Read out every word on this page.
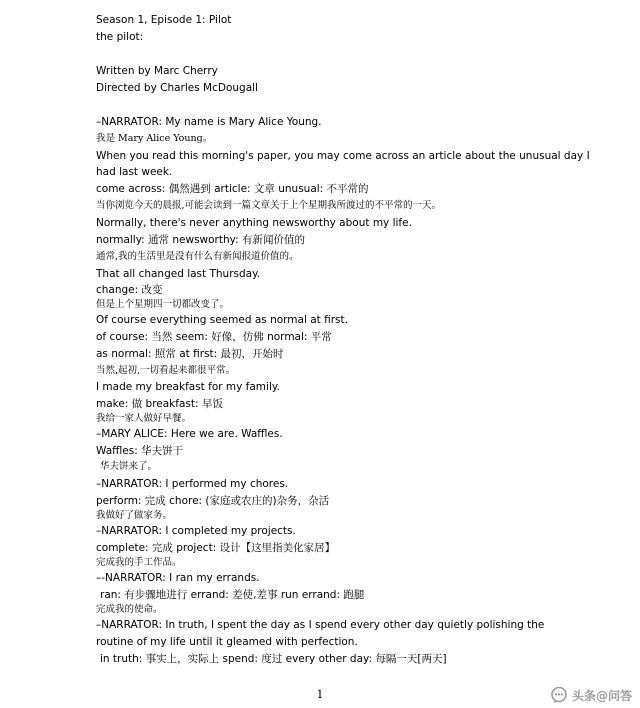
Season 1, Episode 1: Pilot
the pilot:
Written by Marc Cherry
Directed by Charles McDougall
–NARRATOR: My name is Mary Alice Young.
我是 Mary Alice Young。
When you read this morning's paper, you may come across an article about the unusual day I
had last week.
come across: 偶然遇到 article: 文章 unusual: 不平常的
当你浏览今天的晨报,可能会读到一篇文章关于上个星期我所渡过的不平常的一天。
Normally, there's never anything newsworthy about my life.
normally: 通常 newsworthy: 有新闻价值的
通常,我的生活里是没有什么有新闻报道价值的。
That all changed last Thursday.
change: 改变
但是上个星期四一切都改变了。
Of course everything seemed as normal at first.
of course: 当然 seem: 好像，仿佛 normal: 平常
as normal: 照常 at first: 最初，开始时
当然,起初,一切看起来都很平常。
I made my breakfast for my family.
make: 做 breakfast: 早饭
我给一家人做好早餐。
–MARY ALICE: Here we are. Waffles.
Waffles: 华夫饼干
华夫饼来了。
–NARRATOR: I performed my chores.
perform: 完成 chore: (家庭或农庄的)杂务，杂活
我做好了做家务。
–NARRATOR: I completed my projects.
complete: 完成 project: 设计【这里指美化家居】
完成我的手工作品。
–-NARRATOR: I ran my errands.
ran: 有步骤地进行 errand: 差使,差事 run errand: 跑腿
完成我的使命。
–NARRATOR: In truth, I spent the day as I spend every other day quietly polishing the
routine of my life until it gleamed with perfection.
in truth: 事实上，实际上 spend: 度过 every other day: 每隔一天[两天]
1	头条@问答
